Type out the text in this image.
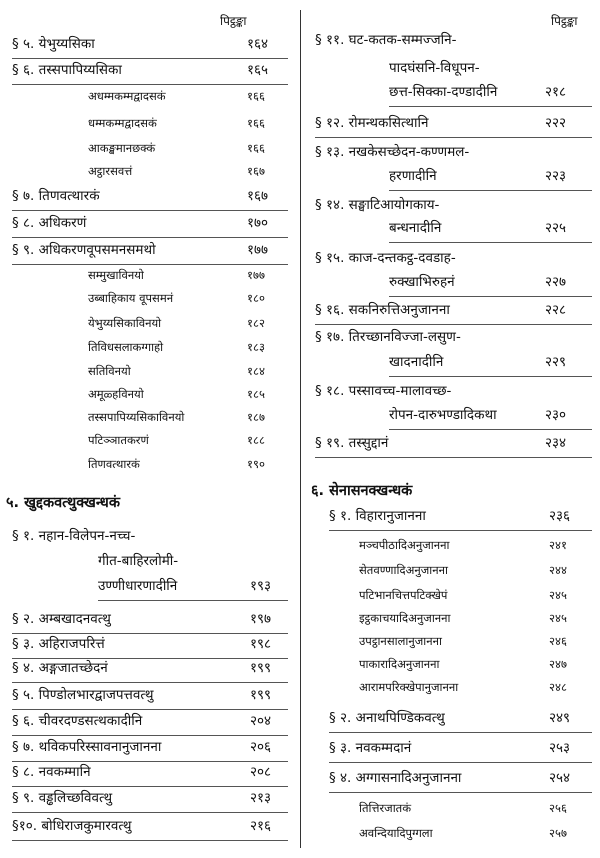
पिट्ठङ्का
§ ५. येभुय्यसिका	१६४
§ ६. तस्सपापिय्यसिका	१६५
अधम्मकम्मद्वादसकं	१६६
धम्मकम्मद्वादसकं	१६६
आकङ्खमानछक्कं	१६६
अट्ठारसवत्तं	१६७
§ ७. तिणवत्थारकं	१६७
§ ८. अधिकरणं	१७०
§ ९. अधिकरणवूपसमनसमथो	१७७
सम्मुखाविनयो	१७७
उब्बाहिकाय वूपसमनं	१८०
येभुय्यसिकाविनयो	१८२
तिविधसलाकग्गाहो	१८३
सतिविनयो	१८४
अमूळ्हविनयो	१८५
तस्सपापिय्यसिकाविनयो	१८७
पटिञ्ञातकरणं	१८८
तिणवत्थारकं	१९०
५. खुद्दकवत्थुक्खन्धकं
§ १. नहान-विलेपन-नच्च-
गीत-बाहिरलोमी-
उण्णीधारणादीनि	१९३
§ २. अम्बखादनवत्थु	१९७
§ ३. अहिराजपरित्तं	१९८
§ ४. अङ्गजातच्छेदनं	१९९
§ ५. पिण्डोलभारद्वाजपत्तवत्थु	१९९
§ ६. चीवरदण्डसत्थकादीनि	२०४
§ ७. थविकपरिस्सावनानुजानना	२०६
§ ८. नवकम्मानि	२०८
§ ९. वड्ढलिच्छविवत्थु	२१३
§१०. बोधिराजकुमारवत्थु	२१६
पिट्ठङ्का
§ ११. घट-कतक-सम्मज्जनि-
पादघंसनि-विधूपन-
छत्त-सिक्का-दण्डादीनि	२१८
§ १२. रोमन्थकसित्थानि	२२२
§ १३. नखकेसच्छेदन-कण्णमल-
हरणादीनि	२२३
§ १४. सङ्घाटिआयोगकाय-
बन्धनादीनि	२२५
§ १५. काज-दन्तकट्ठ-दवडाह-
रुक्खाभिरुहनं	२२७
§ १६. सकनिरुत्तिअनुजानना	२२८
§ १७. तिरच्छानविज्जा-लसुण-
खादनादीनि	२२९
§ १८. पस्सावच्च-मालावच्छ-
रोपन-दारुभण्डादिकथा	२३०
§ १९. तस्सुद्दानं	२३४
६. सेनासनक्खन्धकं
§ १. विहारानुजानना	२३६
मञ्चपीठादिअनुजानना	२४१
सेतवण्णादिअनुजानना	२४४
पटिभानचित्तपटिक्खेपं	२४५
इट्ठकाचयादिअनुजानना	२४५
उपट्ठानसालानुजानना	२४६
पाकारादिअनुजानना	२४७
आरामपरिक्खेपानुजानना	२४८
§ २. अनाथपिण्डिकवत्थु	२४९
§ ३. नवकम्मदानं	२५३
§ ४. अग्गासनादिअनुजानना	२५४
तित्तिरजातकं	२५६
अवन्दियादिपुग्गला	२५७
